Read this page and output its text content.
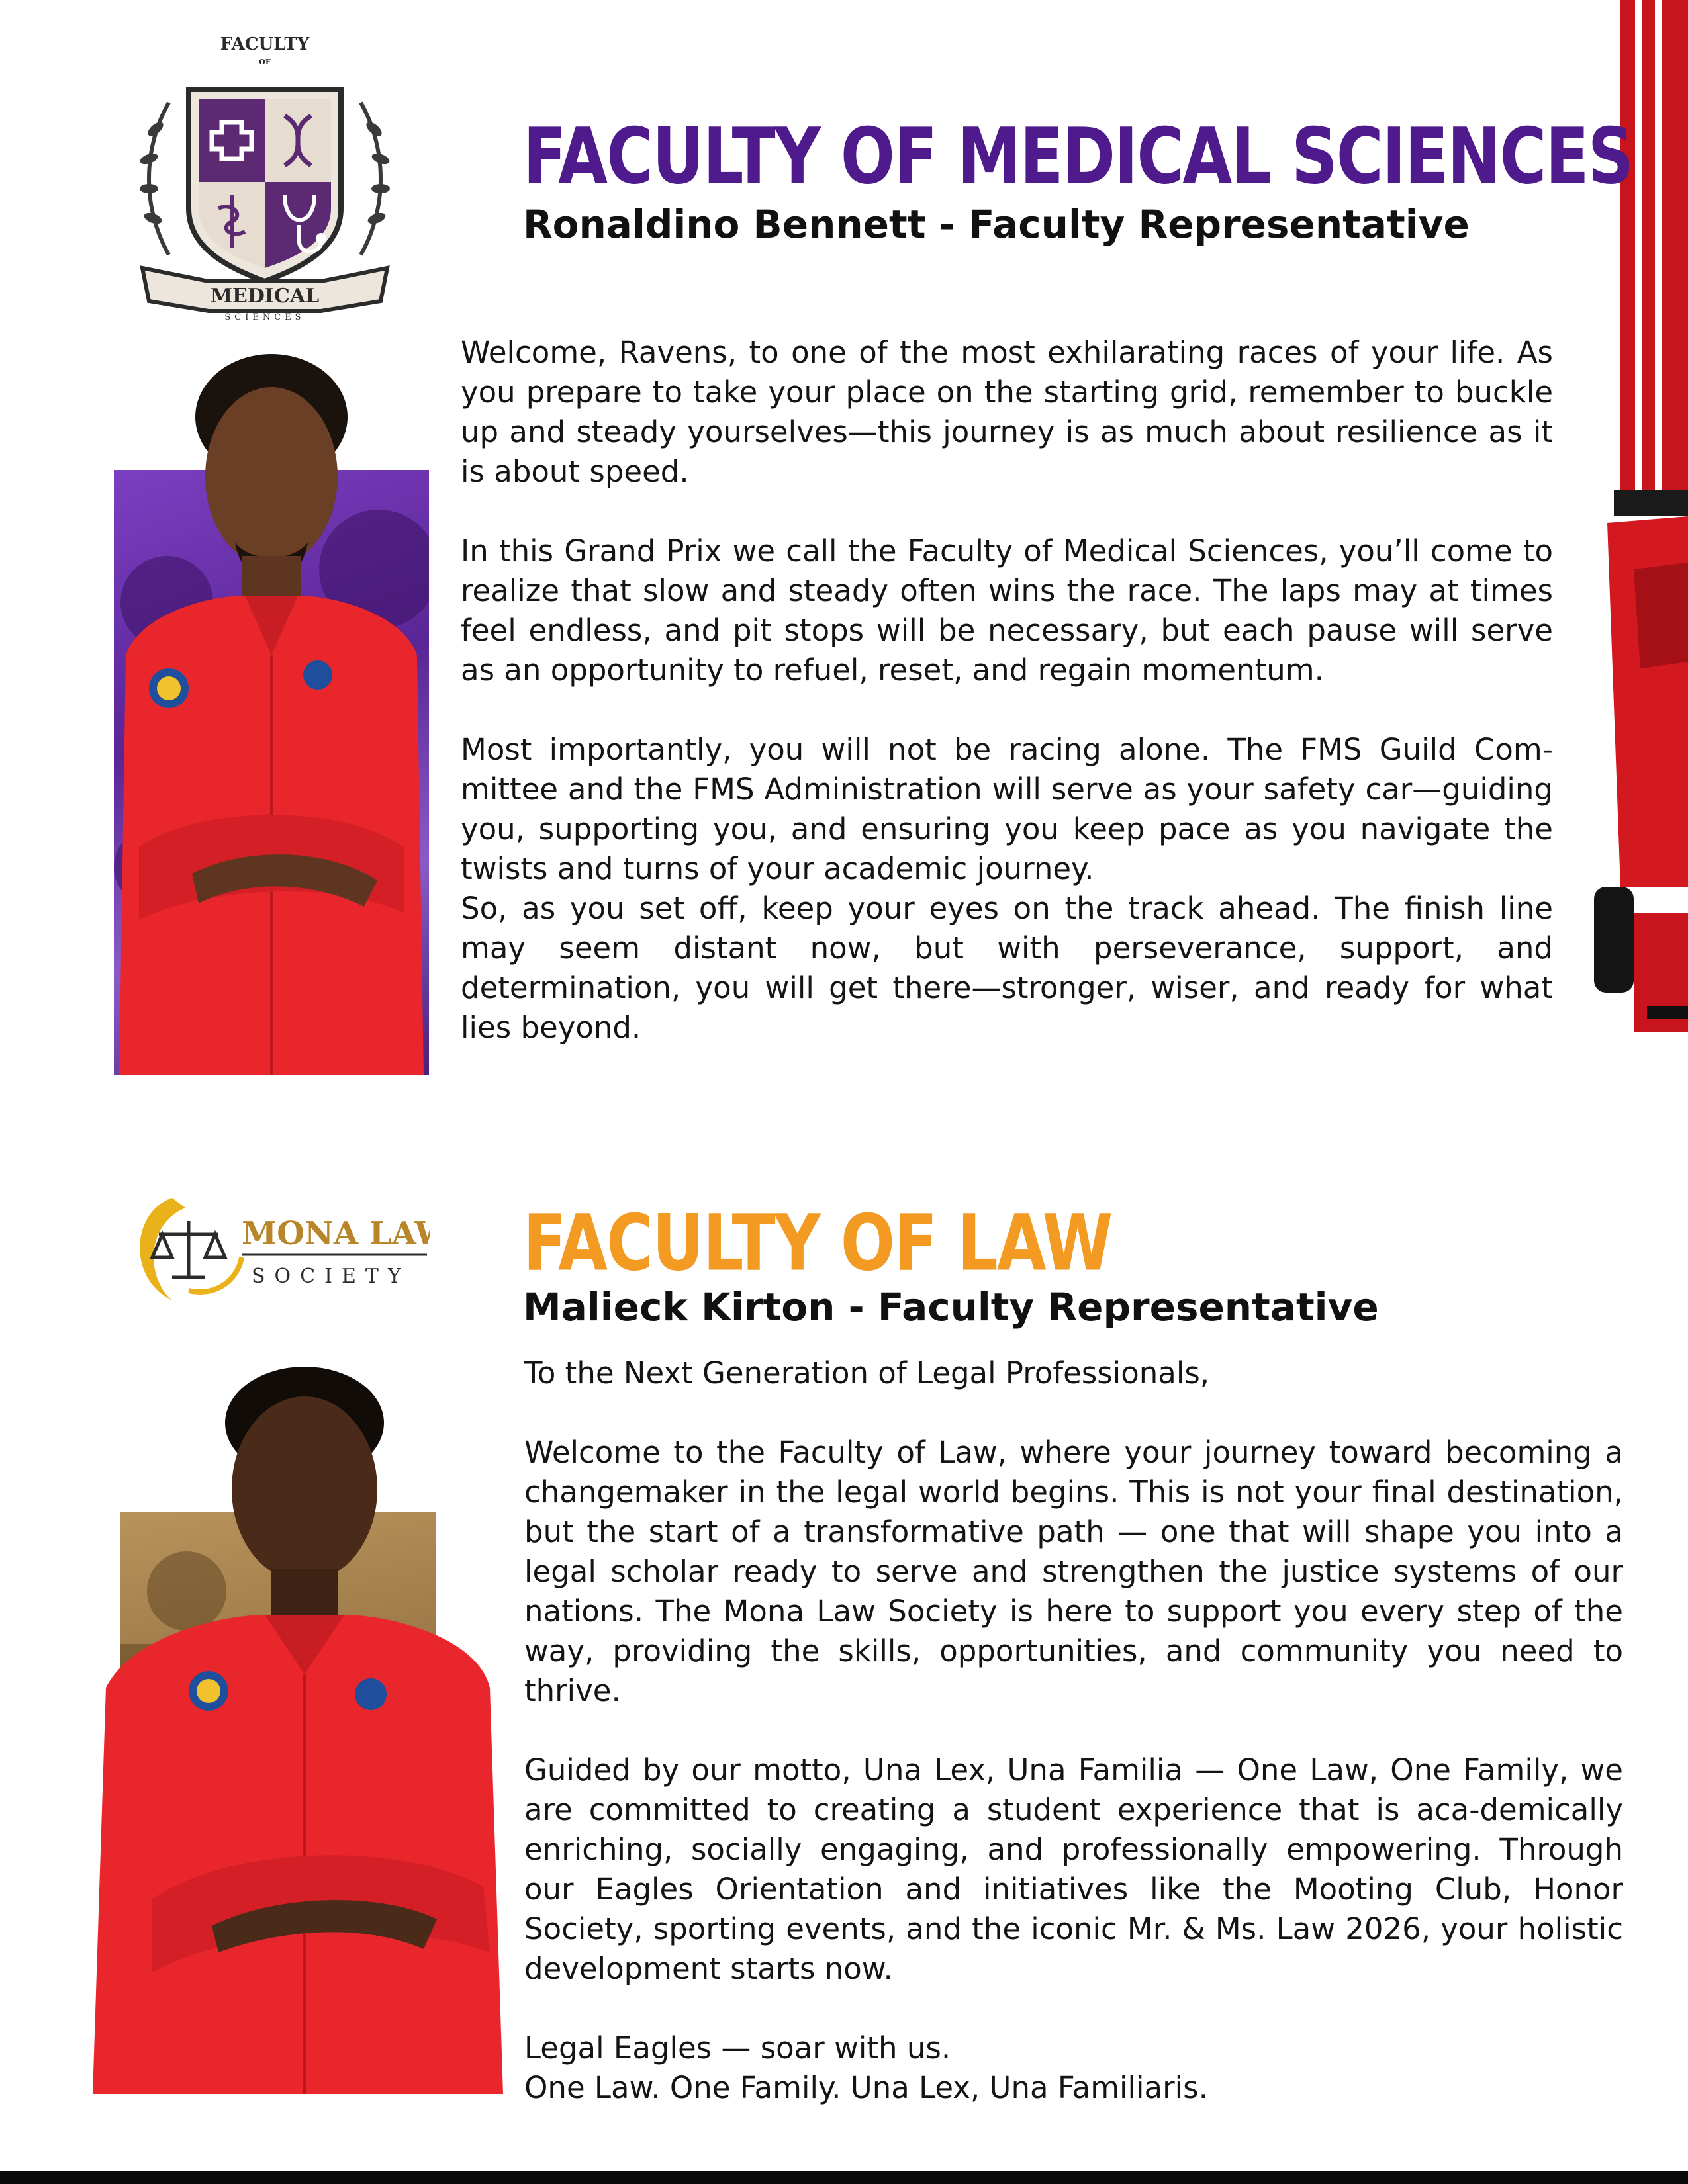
FACULTY
OF
MEDICAL
SCIENCES
FACULTY OF MEDICAL SCIENCES
Ronaldino Bennett - Faculty Representative

Welcome, Ravens, to one of the most exhilarating races of your life. As you prepare to take your place on the starting grid, remember to buckle up and steady yourselves—this journey is as much about resilience as it is about speed.

In this Grand Prix we call the Faculty of Medical Sciences, you’ll come to realize that slow and steady often wins the race. The laps may at times feel endless, and pit stops will be necessary, but each pause will serve as an opportunity to refuel, reset, and regain momentum.

Most importantly, you will not be racing alone. The FMS Guild Com-mittee and the FMS Administration will serve as your safety car—guiding you, supporting you, and ensuring you keep pace as you navigate the twists and turns of your academic journey.

So, as you set off, keep your eyes on the track ahead. The finish line may seem distant now, but with perseverance, support, and determination, you will get there—stronger, wiser, and ready for what lies beyond.

MONA LAW
SOCIETY FACULTY OF LAW
Malieck Kirton - Faculty Representative

To the Next Generation of Legal Professionals,

Welcome to the Faculty of Law, where your journey toward becoming a changemaker in the legal world begins. This is not your final destination, but the start of a transformative path — one that will shape you into a legal scholar ready to serve and strengthen the justice systems of our nations. The Mona Law Society is here to support you every step of the way, providing the skills, opportunities, and community you need to thrive.

Guided by our motto, Una Lex, Una Familia — One Law, One Family, we are committed to creating a student experience that is aca-demically enriching, socially engaging, and professionally empowering. Through our Eagles Orientation and initiatives like the Mooting Club, Honor Society, sporting events, and the iconic Mr. & Ms. Law 2026, your holistic development starts now.

Legal Eagles — soar with us.

One Law. One Family. Una Lex, Una Familiaris.
